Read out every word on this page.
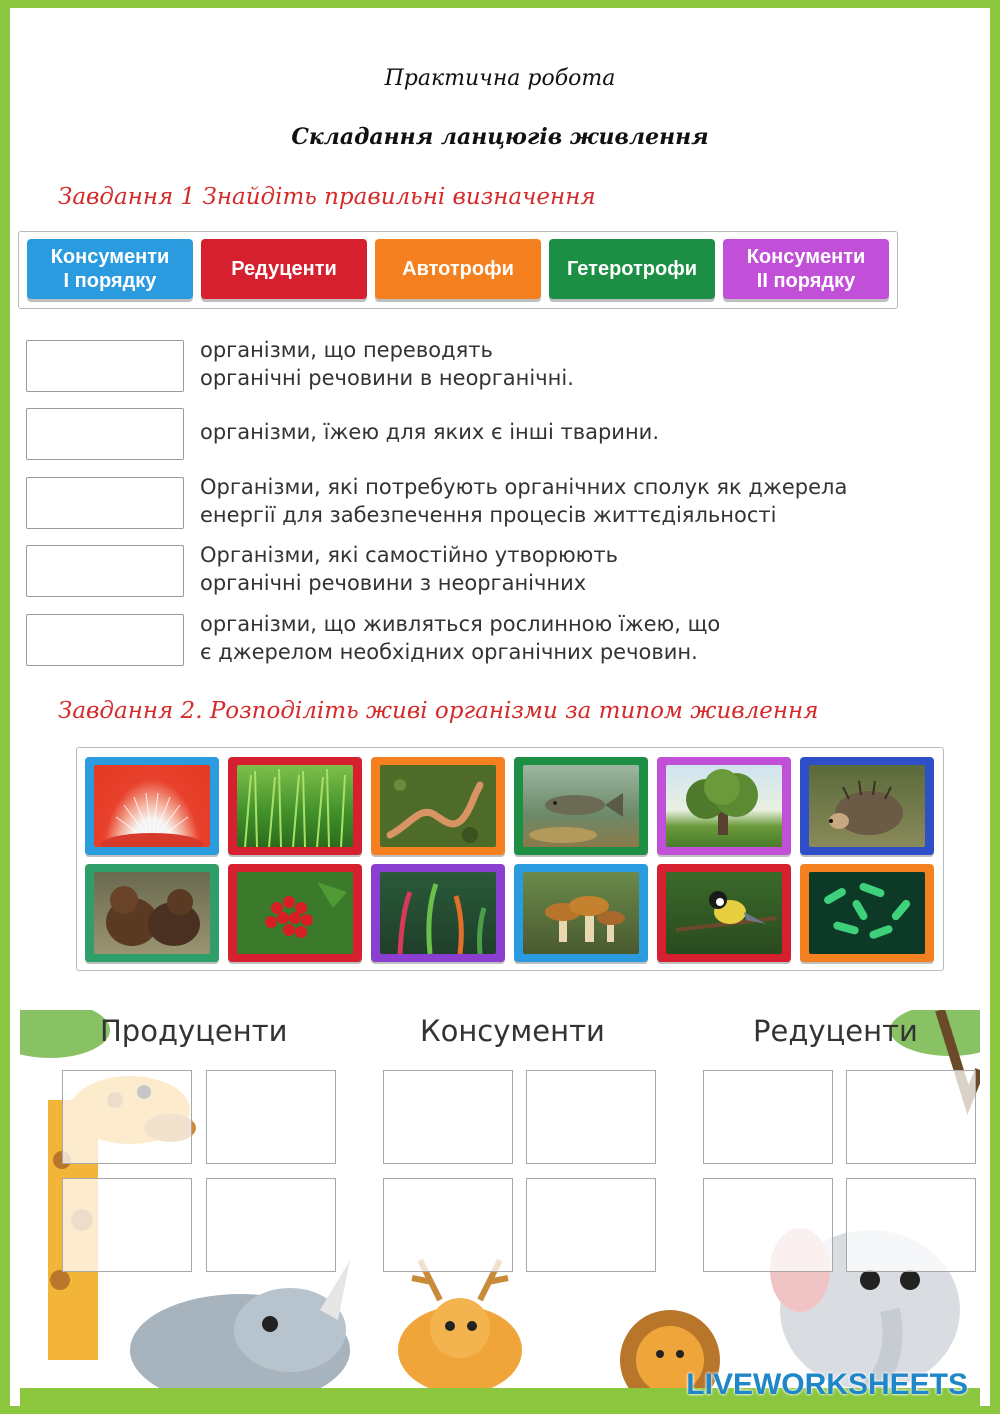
Практична робота
Складання ланцюгів живлення
Завдання 1 Знайдіть правильні визначення
Консументи
І порядку
Редуценти	Автотрофи	Гетеротрофи
Консументи
ІІ порядку
організми, що переводять
органічні речовини в неорганічні.
організми, їжею для яких є інші тварини.
Організми, які потребують органічних сполук як джерела
енергії для забезпечення процесів життєдіяльності
Організми, які самостійно утворюють
органічні речовини з неорганічних
організми, що живляться рослинною їжею, що
є джерелом необхідних органічних речовин.
Завдання 2. Розподіліть живі організми за типом живлення
Продуценти	Консументи	Редуценти
LIVEWORKSHEETS
